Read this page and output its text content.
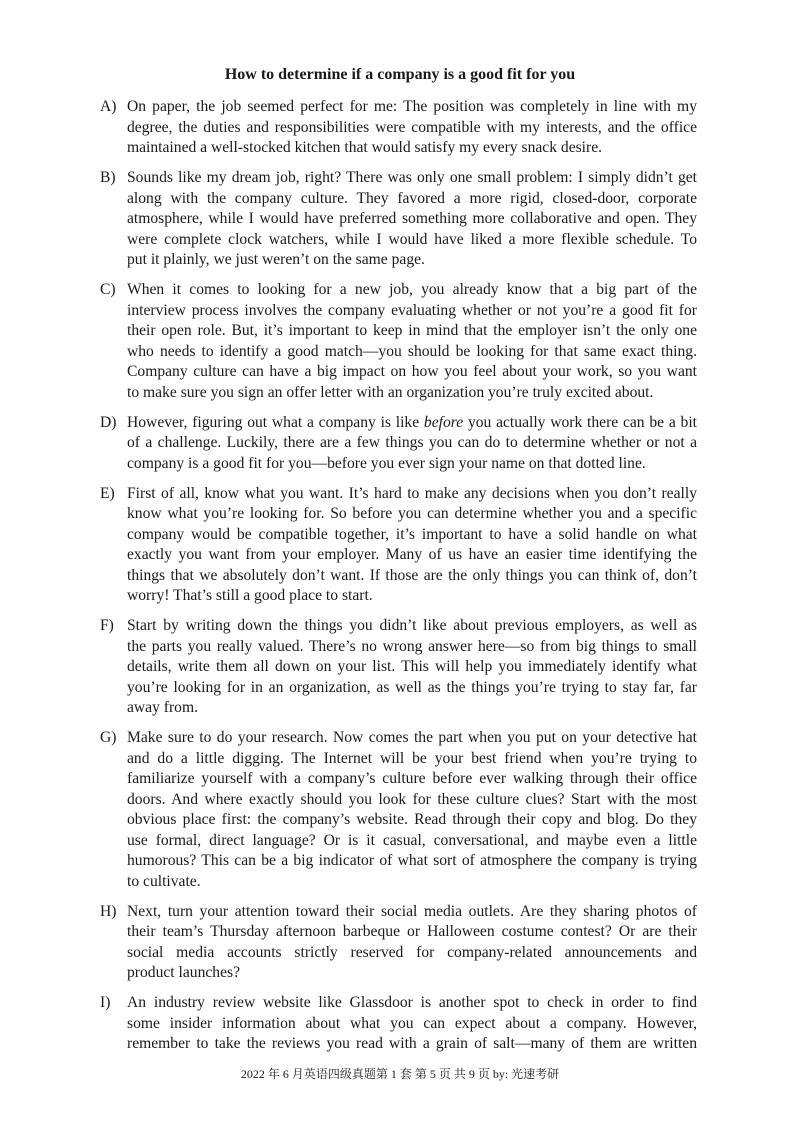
How to determine if a company is a good fit for you
A) On paper, the job seemed perfect for me: The position was completely in line with my
degree, the duties and responsibilities were compatible with my interests, and the office
maintained a well-stocked kitchen that would satisfy my every snack desire.
B) Sounds like my dream job, right? There was only one small problem: I simply didn’t get
along with the company culture. They favored a more rigid, closed-door, corporate
atmosphere, while I would have preferred something more collaborative and open. They
were complete clock watchers, while I would have liked a more flexible schedule. To
put it plainly, we just weren’t on the same page.
C) When it comes to looking for a new job, you already know that a big part of the
interview process involves the company evaluating whether or not you’re a good fit for
their open role. But, it’s important to keep in mind that the employer isn’t the only one
who needs to identify a good match—you should be looking for that same exact thing.
Company culture can have a big impact on how you feel about your work, so you want
to make sure you sign an offer letter with an organization you’re truly excited about.
D) However, figuring out what a company is like before you actually work there can be a bit
of a challenge. Luckily, there are a few things you can do to determine whether or not a
company is a good fit for you—before you ever sign your name on that dotted line.
E) First of all, know what you want. It’s hard to make any decisions when you don’t really
know what you’re looking for. So before you can determine whether you and a specific
company would be compatible together, it’s important to have a solid handle on what
exactly you want from your employer. Many of us have an easier time identifying the
things that we absolutely don’t want. If those are the only things you can think of, don’t
worry! That’s still a good place to start.
F) Start by writing down the things you didn’t like about previous employers, as well as
the parts you really valued. There’s no wrong answer here—so from big things to small
details, write them all down on your list. This will help you immediately identify what
you’re looking for in an organization, as well as the things you’re trying to stay far, far
away from.
G) Make sure to do your research. Now comes the part when you put on your detective hat
and do a little digging. The Internet will be your best friend when you’re trying to
familiarize yourself with a company’s culture before ever walking through their office
doors. And where exactly should you look for these culture clues? Start with the most
obvious place first: the company’s website. Read through their copy and blog. Do they
use formal, direct language? Or is it casual, conversational, and maybe even a little
humorous? This can be a big indicator of what sort of atmosphere the company is trying
to cultivate.
H) Next, turn your attention toward their social media outlets. Are they sharing photos of
their team’s Thursday afternoon barbeque or Halloween costume contest? Or are their
social media accounts strictly reserved for company-related announcements and
product launches?
I) An industry review website like Glassdoor is another spot to check in order to find
some insider information about what you can expect about a company. However,
remember to take the reviews you read with a grain of salt—many of them are written
2022 年 6 月英语四级真题第 1 套 第 5 页 共 9 页 by: 光速考研
